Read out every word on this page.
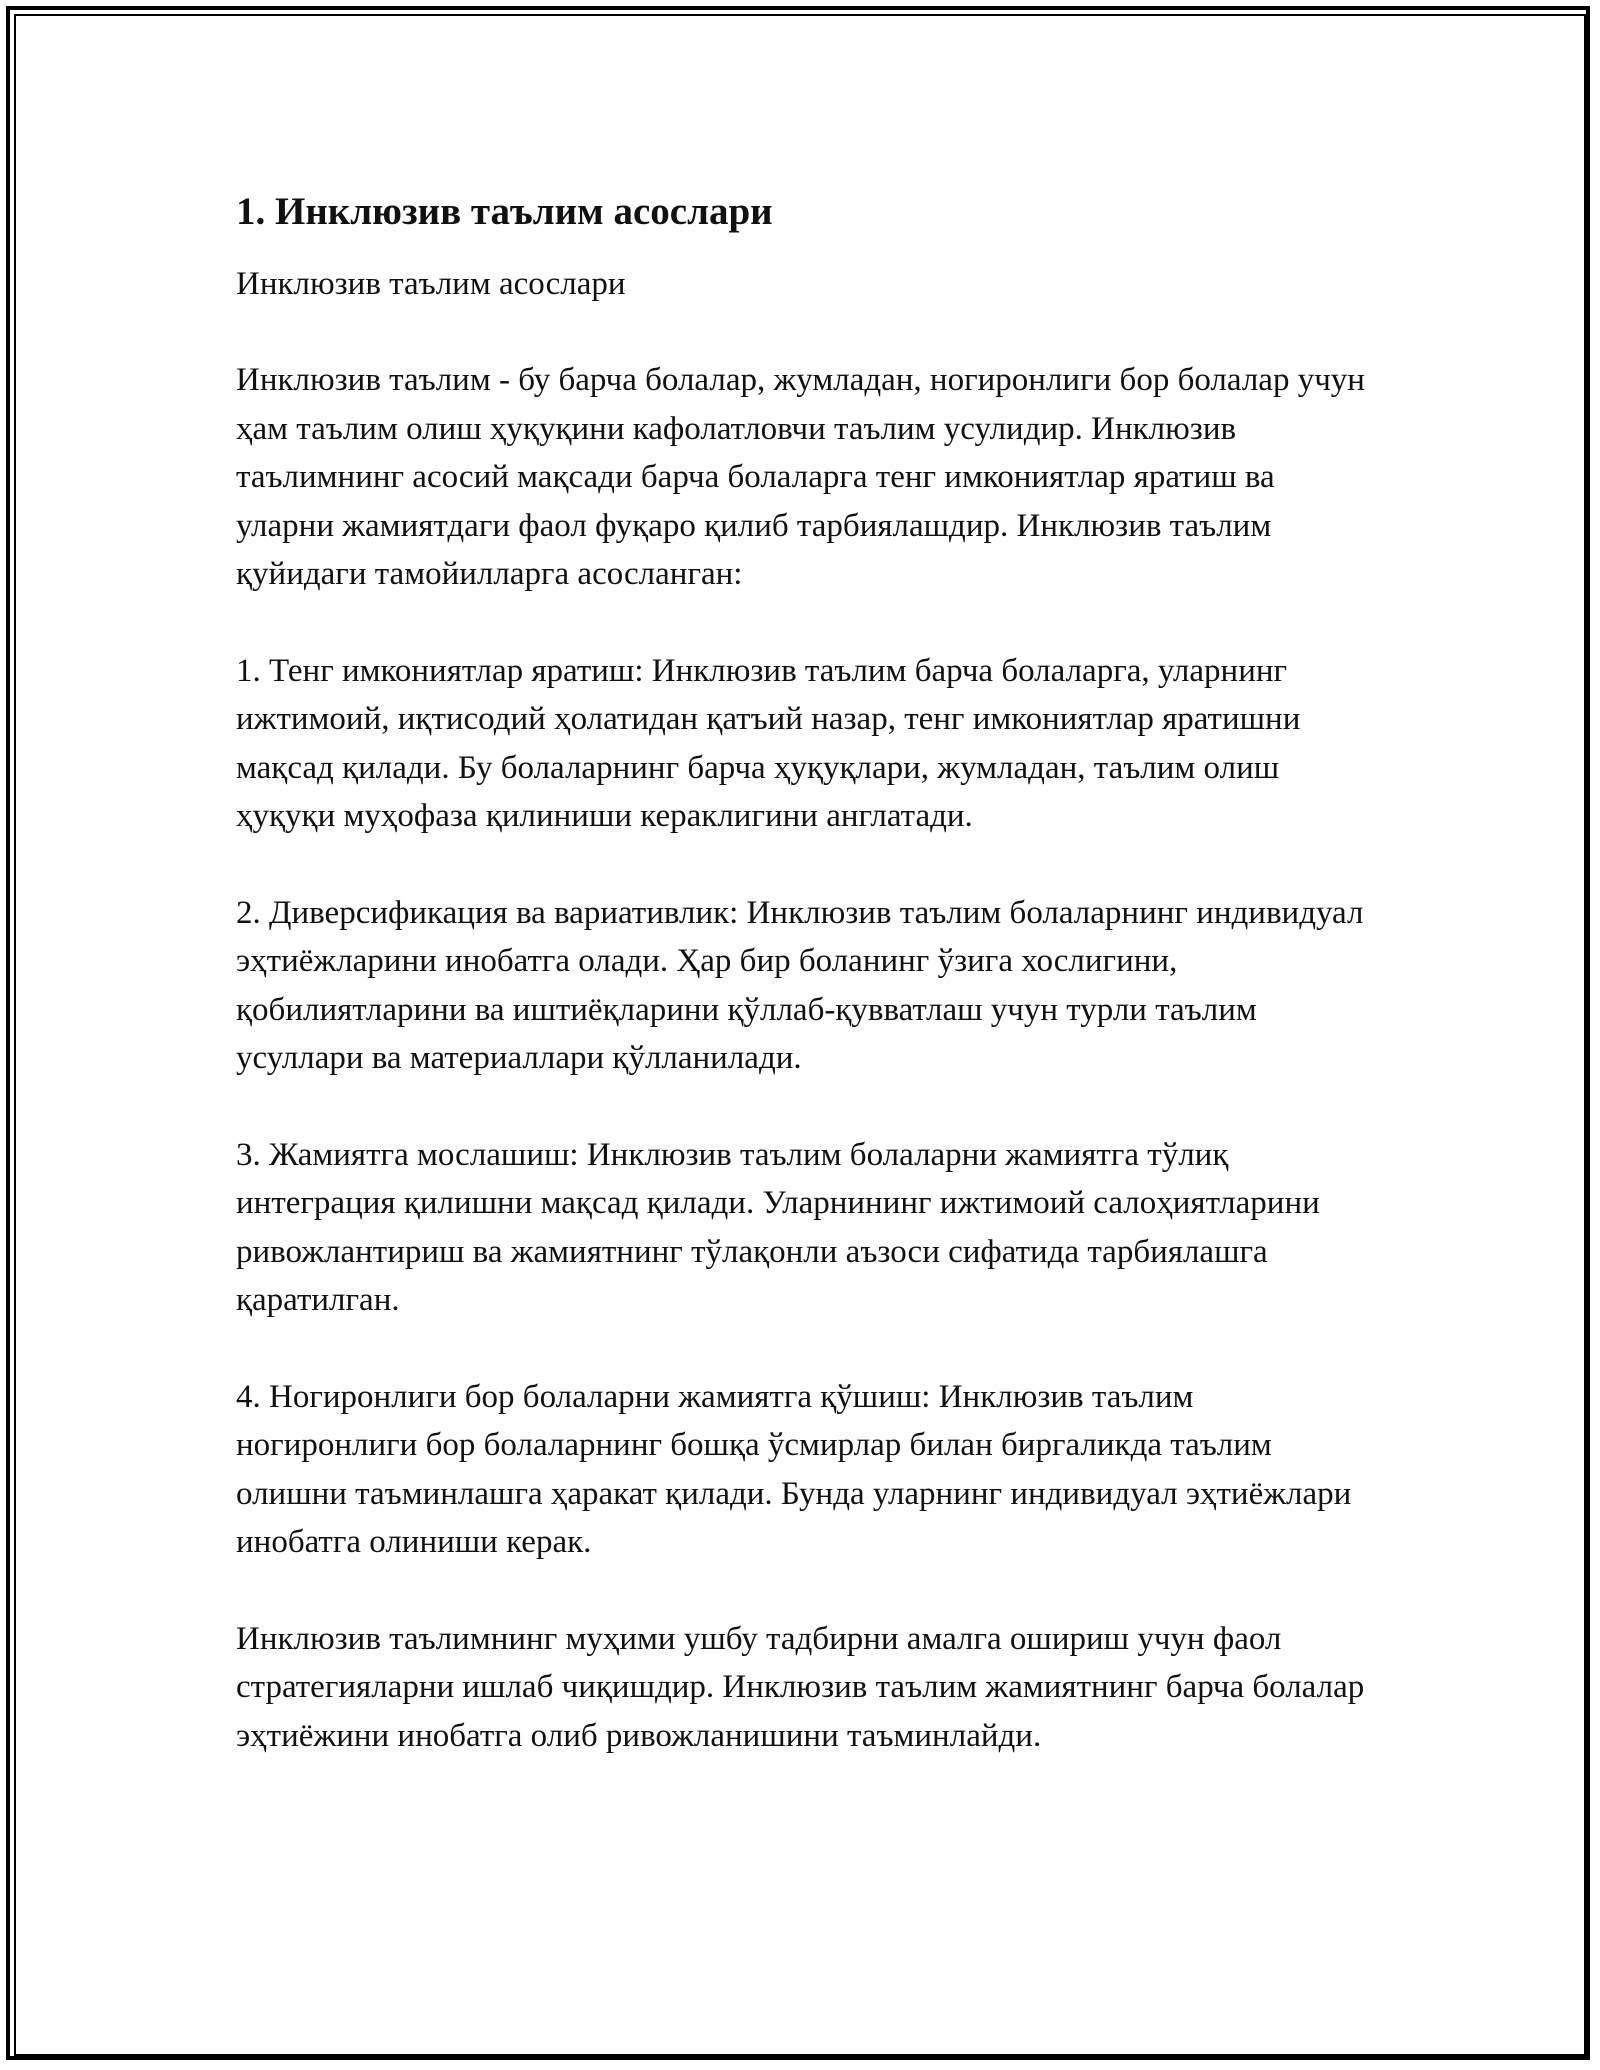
1. Инклюзив таълим асослари

Инклюзив таълим асослари

Инклюзив таълим - бу барча болалар, жумладан, ногиронлиги бор болалар учун ҳам таълим олиш ҳуқуқини кафолатловчи таълим усулидир. Инклюзив таълимнинг асосий мақсади барча болаларга тенг имкониятлар яратиш ва уларни жамиятдаги фаол фуқаро қилиб тарбиялашдир. Инклюзив таълим қуйидаги тамойилларга асосланган:

1. Тенг имкониятлар яратиш: Инклюзив таълим барча болаларга, уларнинг ижтимоий, иқтисодий ҳолатидан қатъий назар, тенг имкониятлар яратишни мақсад қилади. Бу болаларнинг барча ҳуқуқлари, жумладан, таълим олиш ҳуқуқи муҳофаза қилиниши кераклигини англатади.

2. Диверсификация ва вариативлик: Инклюзив таълим болаларнинг индивидуал эҳтиёжларини инобатга олади. Ҳар бир боланинг ўзига хослигини, қобилиятларини ва иштиёқларини қўллаб-қувватлаш учун турли таълим усуллари ва материаллари қўлланилади.

3. Жамиятга мослашиш: Инклюзив таълим болаларни жамиятга тўлиқ интеграция қилишни мақсад қилади. Уларнининг ижтимоий салоҳиятларини ривожлантириш ва жамиятнинг тўлақонли аъзоси сифатида тарбиялашга қаратилган.

4. Ногиронлиги бор болаларни жамиятга қўшиш: Инклюзив таълим ногиронлиги бор болаларнинг бошқа ўсмирлар билан биргаликда таълим олишни таъминлашга ҳаракат қилади. Бунда уларнинг индивидуал эҳтиёжлари инобатга олиниши керак.

Инклюзив таълимнинг муҳими ушбу тадбирни амалга ошириш учун фаол стратегияларни ишлаб чиқишдир. Инклюзив таълим жамиятнинг барча болалар эҳтиёжини инобатга олиб ривожланишини таъминлайди.
